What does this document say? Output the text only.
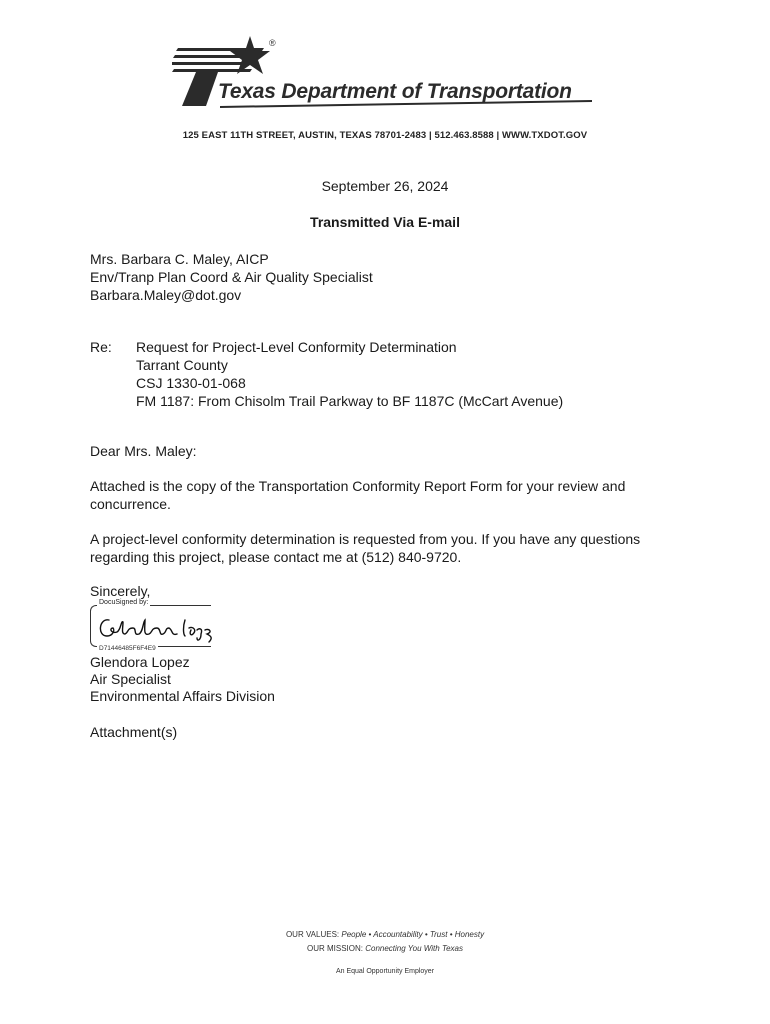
®
Texas Department of Transportation
125 EAST 11TH STREET, AUSTIN, TEXAS 78701-2483 | 512.463.8588 | WWW.TXDOT.GOV
September 26, 2024
Transmitted Via E-mail
Mrs. Barbara C. Maley, AICP
Env/Tranp Plan Coord & Air Quality Specialist
Barbara.Maley@dot.gov
Re: Request for Project-Level Conformity Determination
Tarrant County
CSJ 1330-01-068
FM 1187: From Chisolm Trail Parkway to BF 1187C (McCart Avenue)
Dear Mrs. Maley:
Attached is the copy of the Transportation Conformity Report Form for your review and concurrence.
A project-level conformity determination is requested from you. If you have any questions regarding this project, please contact me at (512) 840-9720.
Sincerely,
DocuSigned by:
D71446485F6F4E9
Glendora Lopez
Air Specialist
Environmental Affairs Division
Attachment(s)
OUR VALUES: People • Accountability • Trust • Honesty
OUR MISSION: Connecting You With Texas
An Equal Opportunity Employer
